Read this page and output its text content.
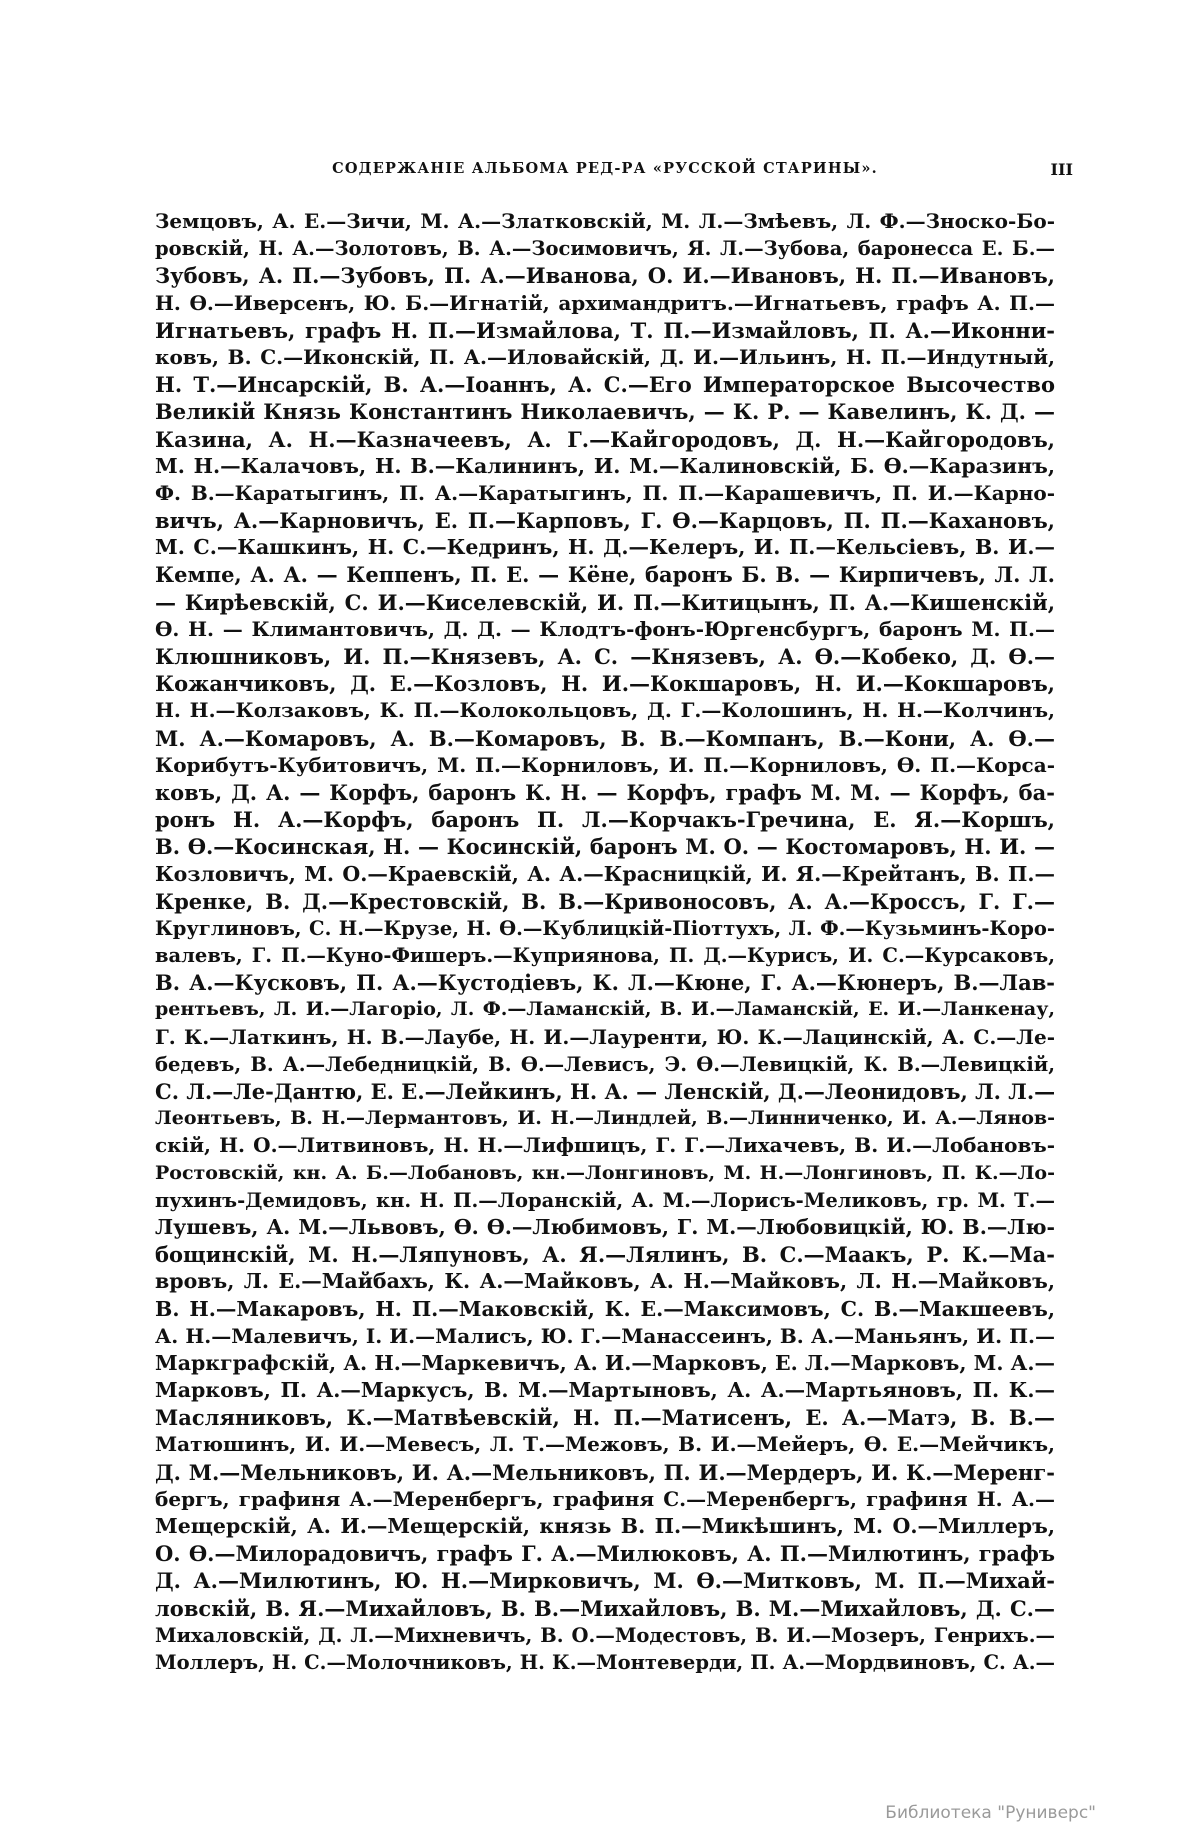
СОДЕРЖАНІЕ АЛЬБОМА РЕД-РА «РУССКОЙ СТАРИНЫ».	III
Земцовъ, А. Е.—Зичи, М. А.—Златковскій, М. Л.—Змѣевъ, Л. Ф.—Зноско-Бо-
ровскій, Н. А.—Золотовъ, В. А.—Зосимовичъ, Я. Л.—Зубова, баронесса Е. Б.—
Зубовъ, А. П.—Зубовъ, П. А.—Иванова, О. И.—Ивановъ, Н. П.—Ивановъ,
Н. Ѳ.—Иверсенъ, Ю. Б.—Игнатій, архимандритъ.—Игнатьевъ, графъ А. П.—
Игнатьевъ, графъ Н. П.—Измайлова, Т. П.—Измайловъ, П. А.—Иконни-
ковъ, В. С.—Иконскій, П. А.—Иловайскій, Д. И.—Ильинъ, Н. П.—Индутный,
Н. Т.—Инсарскій, В. А.—Іоаннъ, А. С.—Его Императорское Высочество
Великій Князь Константинъ Николаевичъ, — К. Р. — Кавелинъ, К. Д. —
Казина, А. Н.—Казначеевъ, А. Г.—Кайгородовъ, Д. Н.—Кайгородовъ,
М. Н.—Калачовъ, Н. В.—Калининъ, И. М.—Калиновскій, Б. Ѳ.—Каразинъ,
Ф. В.—Каратыгинъ, П. А.—Каратыгинъ, П. П.—Карашевичъ, П. И.—Карно-
вичъ, А.—Карновичъ, Е. П.—Карповъ, Г. Ѳ.—Карцовъ, П. П.—Кахановъ,
М. С.—Кашкинъ, Н. С.—Кедринъ, Н. Д.—Келеръ, И. П.—Кельсіевъ, В. И.—
Кемпе, А. А. — Кеппенъ, П. Е. — Кёне, баронъ Б. В. — Кирпичевъ, Л. Л.
— Кирѣевскій, С. И.—Киселевскій, И. П.—Китицынъ, П. А.—Кишенскій,
Ѳ. Н. — Климантовичъ, Д. Д. — Клодтъ-фонъ-Юргенсбургъ, баронъ М. П.—
Клюшниковъ, И. П.—Князевъ, А. С. —Князевъ, А. Ѳ.—Кобеко, Д. Ѳ.—
Кожанчиковъ, Д. Е.—Козловъ, Н. И.—Кокшаровъ, Н. И.—Кокшаровъ,
Н. Н.—Колзаковъ, К. П.—Колокольцовъ, Д. Г.—Колошинъ, Н. Н.—Колчинъ,
М. А.—Комаровъ, А. В.—Комаровъ, В. В.—Компанъ, В.—Кони, А. Ѳ.—
Корибутъ-Кубитовичъ, М. П.—Корниловъ, И. П.—Корниловъ, Ѳ. П.—Корса-
ковъ, Д. А. — Корфъ, баронъ К. Н. — Корфъ, графъ М. М. — Корфъ, ба-
ронъ Н. А.—Корфъ, баронъ П. Л.—Корчакъ-Гречина, Е. Я.—Коршъ,
В. Ѳ.—Косинская, Н. — Косинскій, баронъ М. О. — Костомаровъ, Н. И. —
Козловичъ, М. О.—Краевскій, А. А.—Красницкій, И. Я.—Крейтанъ, В. П.—
Кренке, В. Д.—Крестовскій, В. В.—Кривоносовъ, А. А.—Кроссъ, Г. Г.—
Круглиновъ, С. Н.—Крузе, Н. Ѳ.—Кублицкій-Піоттухъ, Л. Ф.—Кузьминъ-Коро-
валевъ, Г. П.—Куно-Фишеръ.—Куприянова, П. Д.—Курисъ, И. С.—Курсаковъ,
В. А.—Кусковъ, П. А.—Кустодіевъ, К. Л.—Кюне, Г. А.—Кюнеръ, В.—Лав-
рентьевъ, Л. И.—Лагоріо, Л. Ф.—Ламанскій, В. И.—Ламанскій, Е. И.—Ланкенау,
Г. К.—Латкинъ, Н. В.—Лаубе, Н. И.—Лауренти, Ю. К.—Лацинскій, А. С.—Ле-
бедевъ, В. А.—Лебедницкій, В. Ѳ.—Левисъ, Э. Ѳ.—Левицкій, К. В.—Левицкій,
С. Л.—Ле-Дантю, Е. Е.—Лейкинъ, Н. А. — Ленскій, Д.—Леонидовъ, Л. Л.—
Леонтьевъ, В. Н.—Лермантовъ, И. Н.—Линдлей, В.—Линниченко, И. А.—Лянов-
скій, Н. О.—Литвиновъ, Н. Н.—Лифшицъ, Г. Г.—Лихачевъ, В. И.—Лобановъ-
Ростовскій, кн. А. Б.—Лобановъ, кн.—Лонгиновъ, М. Н.—Лонгиновъ, П. К.—Ло-
пухинъ-Демидовъ, кн. Н. П.—Лоранскій, А. М.—Лорисъ-Меликовъ, гр. М. Т.—
Лушевъ, А. М.—Львовъ, Ѳ. Ѳ.—Любимовъ, Г. М.—Любовицкій, Ю. В.—Лю-
бощинскій, М. Н.—Ляпуновъ, А. Я.—Лялинъ, В. С.—Маакъ, Р. К.—Ма-
вровъ, Л. Е.—Майбахъ, К. А.—Майковъ, А. Н.—Майковъ, Л. Н.—Майковъ,
В. Н.—Макаровъ, Н. П.—Маковскій, К. Е.—Максимовъ, С. В.—Макшеевъ,
А. Н.—Малевичъ, І. И.—Малисъ, Ю. Г.—Манассеинъ, В. А.—Маньянъ, И. П.—
Маркграфскій, А. Н.—Маркевичъ, А. И.—Марковъ, Е. Л.—Марковъ, М. А.—
Марковъ, П. А.—Маркусъ, В. М.—Мартыновъ, А. А.—Мартьяновъ, П. К.—
Масляниковъ, К.—Матвѣевскій, Н. П.—Матисенъ, Е. А.—Матэ, В. В.—
Матюшинъ, И. И.—Мевесъ, Л. Т.—Межовъ, В. И.—Мейеръ, Ѳ. Е.—Мейчикъ,
Д. М.—Мельниковъ, И. А.—Мельниковъ, П. И.—Мердеръ, И. К.—Меренг-
бергъ, графиня А.—Меренбергъ, графиня С.—Меренбергъ, графиня Н. А.—
Мещерскій, А. И.—Мещерскій, князь В. П.—Микѣшинъ, М. О.—Миллеръ,
О. Ѳ.—Милорадовичъ, графъ Г. А.—Милюковъ, А. П.—Милютинъ, графъ
Д. А.—Милютинъ, Ю. Н.—Мирковичъ, М. Ѳ.—Митковъ, М. П.—Михай-
ловскій, В. Я.—Михайловъ, В. В.—Михайловъ, В. М.—Михайловъ, Д. С.—
Михаловскій, Д. Л.—Михневичъ, В. О.—Модестовъ, В. И.—Мозеръ, Генрихъ.—
Моллеръ, Н. С.—Молочниковъ, Н. К.—Монтеверди, П. А.—Мордвиновъ, С. А.—
Библиотека "Руниверс"
